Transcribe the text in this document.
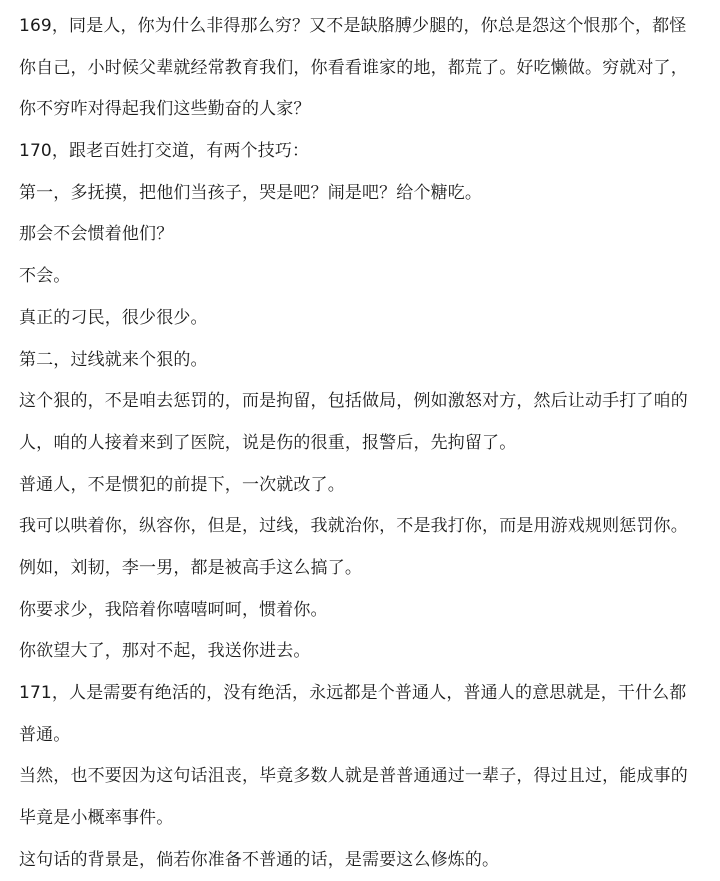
169，同是人，你为什么非得那么穷？又不是缺胳膊少腿的，你总是怨这个恨那个，都怪
你自己，小时候父辈就经常教育我们，你看看谁家的地，都荒了。好吃懒做。穷就对了，
你不穷咋对得起我们这些勤奋的人家？
170，跟老百姓打交道，有两个技巧：
第一，多抚摸，把他们当孩子，哭是吧？闹是吧？给个糖吃。
那会不会惯着他们？
不会。
真正的刁民，很少很少。
第二，过线就来个狠的。
这个狠的，不是咱去惩罚的，而是拘留，包括做局，例如激怒对方，然后让动手打了咱的
人，咱的人接着来到了医院，说是伤的很重，报警后，先拘留了。
普通人，不是惯犯的前提下，一次就改了。
我可以哄着你，纵容你，但是，过线，我就治你，不是我打你，而是用游戏规则惩罚你。
例如，刘韧，李一男，都是被高手这么搞了。
你要求少，我陪着你嘻嘻呵呵，惯着你。
你欲望大了，那对不起，我送你进去。
171，人是需要有绝活的，没有绝活，永远都是个普通人，普通人的意思就是，干什么都
普通。
当然，也不要因为这句话沮丧，毕竟多数人就是普普通通过一辈子，得过且过，能成事的
毕竟是小概率事件。
这句话的背景是，倘若你准备不普通的话，是需要这么修炼的。
